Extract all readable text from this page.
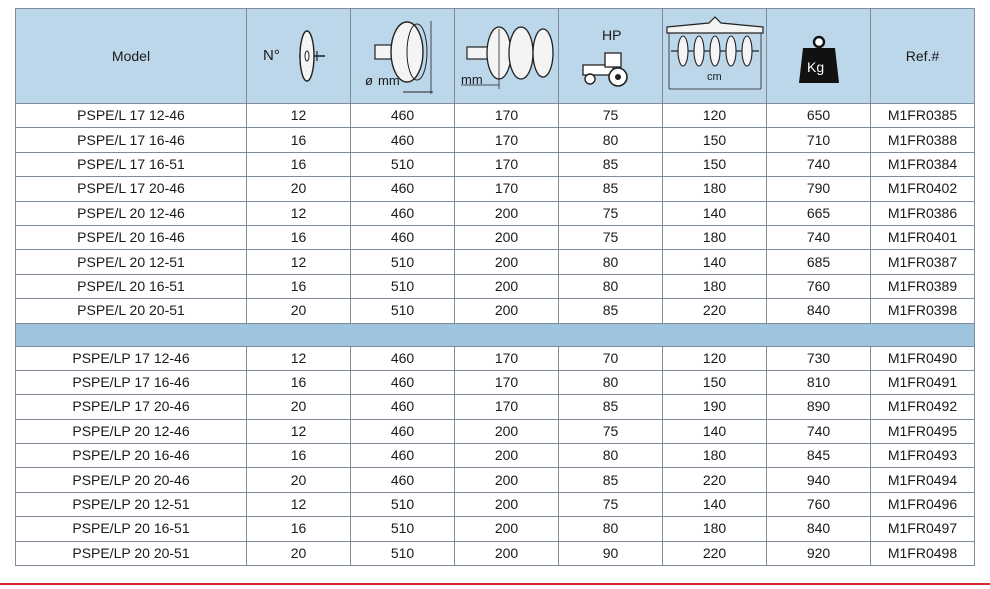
Model	N°	ø mm	mm	HP	cm	Kg	Ref.#
PSPE/L 17 12-46	12	460	170	75	120	650	M1FR0385
PSPE/L 17 16-46	16	460	170	80	150	710	M1FR0388
PSPE/L 17 16-51	16	510	170	85	150	740	M1FR0384
PSPE/L 17 20-46	20	460	170	85	180	790	M1FR0402
PSPE/L 20 12-46	12	460	200	75	140	665	M1FR0386
PSPE/L 20 16-46	16	460	200	75	180	740	M1FR0401
PSPE/L 20 12-51	12	510	200	80	140	685	M1FR0387
PSPE/L 20 16-51	16	510	200	80	180	760	M1FR0389
PSPE/L 20 20-51	20	510	200	85	220	840	M1FR0398

PSPE/LP 17 12-46	12	460	170	70	120	730	M1FR0490
PSPE/LP 17 16-46	16	460	170	80	150	810	M1FR0491
PSPE/LP 17 20-46	20	460	170	85	190	890	M1FR0492
PSPE/LP 20 12-46	12	460	200	75	140	740	M1FR0495
PSPE/LP 20 16-46	16	460	200	80	180	845	M1FR0493
PSPE/LP 20 20-46	20	460	200	85	220	940	M1FR0494
PSPE/LP 20 12-51	12	510	200	75	140	760	M1FR0496
PSPE/LP 20 16-51	16	510	200	80	180	840	M1FR0497
PSPE/LP 20 20-51	20	510	200	90	220	920	M1FR0498
